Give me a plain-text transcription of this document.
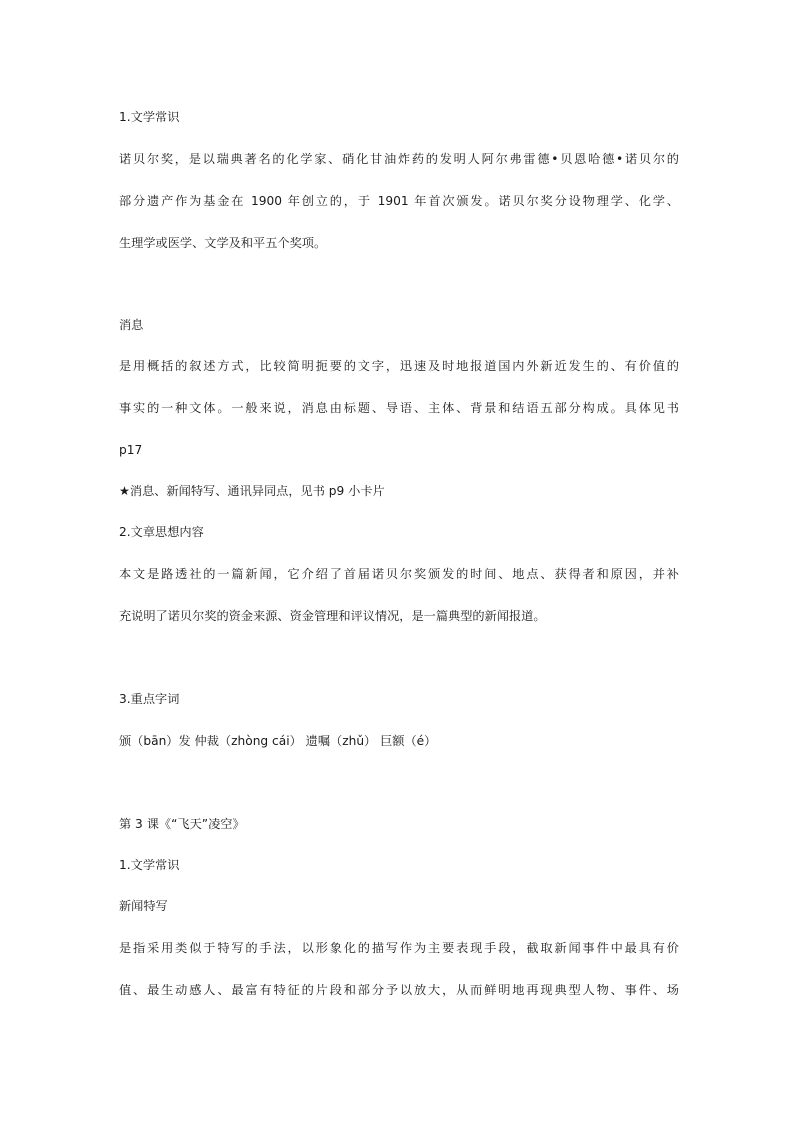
1.文学常识
诺贝尔奖，是以瑞典著名的化学家、硝化甘油炸药的发明人阿尔弗雷德•贝恩哈德•诺贝尔的
部分遗产作为基金在 1900 年创立的，于 1901 年首次颁发。诺贝尔奖分设物理学、化学、
生理学或医学、文学及和平五个奖项。
消息
是用概括的叙述方式，比较简明扼要的文字，迅速及时地报道国内外新近发生的、有价值的
事实的一种文体。一般来说，消息由标题、导语、主体、背景和结语五部分构成。具体见书
p17
★消息、新闻特写、通讯异同点，见书 p9 小卡片
2.文章思想内容
本文是路透社的一篇新闻，它介绍了首届诺贝尔奖颁发的时间、地点、获得者和原因，并补
充说明了诺贝尔奖的资金来源、资金管理和评议情况，是一篇典型的新闻报道。
3.重点字词
颁（bān）发 仲裁（zhòng cái） 遗嘱（zhǔ） 巨额（é）
第 3 课《“飞天”凌空》
1.文学常识
新闻特写
是指采用类似于特写的手法，以形象化的描写作为主要表现手段，截取新闻事件中最具有价
值、最生动感人、最富有特征的片段和部分予以放大，从而鲜明地再现典型人物、事件、场
